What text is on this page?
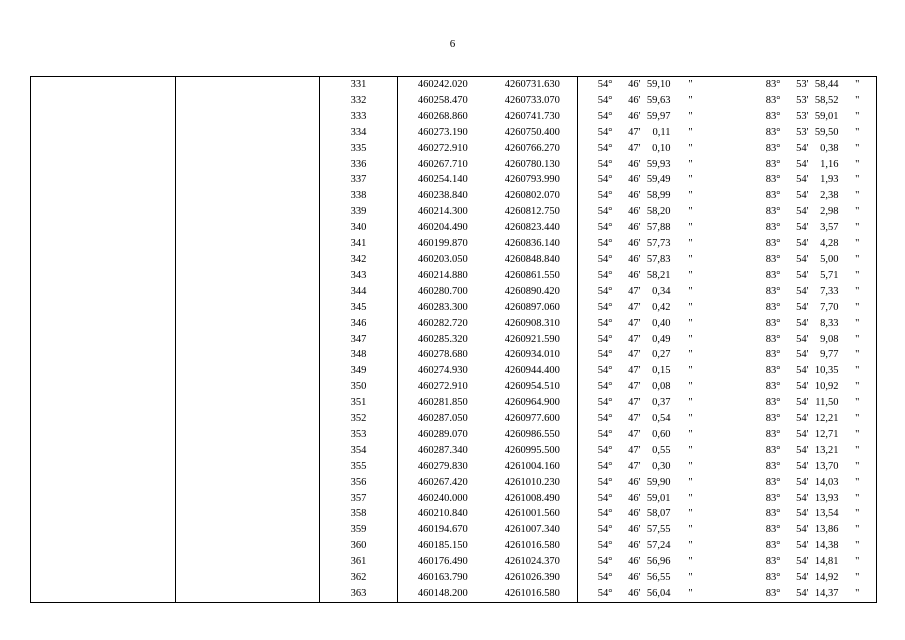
6
		331	460242.020	4260731.630	54°	46'	59,10	"	83°	53'	58,44	"
		332	460258.470	4260733.070	54°	46'	59,63	"	83°	53'	58,52	"
		333	460268.860	4260741.730	54°	46'	59,97	"	83°	53'	59,01	"
		334	460273.190	4260750.400	54°	47'	0,11	"	83°	53'	59,50	"
		335	460272.910	4260766.270	54°	47'	0,10	"	83°	54'	0,38	"
		336	460267.710	4260780.130	54°	46'	59,93	"	83°	54'	1,16	"
		337	460254.140	4260793.990	54°	46'	59,49	"	83°	54'	1,93	"
		338	460238.840	4260802.070	54°	46'	58,99	"	83°	54'	2,38	"
		339	460214.300	4260812.750	54°	46'	58,20	"	83°	54'	2,98	"
		340	460204.490	4260823.440	54°	46'	57,88	"	83°	54'	3,57	"
		341	460199.870	4260836.140	54°	46'	57,73	"	83°	54'	4,28	"
		342	460203.050	4260848.840	54°	46'	57,83	"	83°	54'	5,00	"
		343	460214.880	4260861.550	54°	46'	58,21	"	83°	54'	5,71	"
		344	460280.700	4260890.420	54°	47'	0,34	"	83°	54'	7,33	"
		345	460283.300	4260897.060	54°	47'	0,42	"	83°	54'	7,70	"
		346	460282.720	4260908.310	54°	47'	0,40	"	83°	54'	8,33	"
		347	460285.320	4260921.590	54°	47'	0,49	"	83°	54'	9,08	"
		348	460278.680	4260934.010	54°	47'	0,27	"	83°	54'	9,77	"
		349	460274.930	4260944.400	54°	47'	0,15	"	83°	54'	10,35	"
		350	460272.910	4260954.510	54°	47'	0,08	"	83°	54'	10,92	"
		351	460281.850	4260964.900	54°	47'	0,37	"	83°	54'	11,50	"
		352	460287.050	4260977.600	54°	47'	0,54	"	83°	54'	12,21	"
		353	460289.070	4260986.550	54°	47'	0,60	"	83°	54'	12,71	"
		354	460287.340	4260995.500	54°	47'	0,55	"	83°	54'	13,21	"
		355	460279.830	4261004.160	54°	47'	0,30	"	83°	54'	13,70	"
		356	460267.420	4261010.230	54°	46'	59,90	"	83°	54'	14,03	"
		357	460240.000	4261008.490	54°	46'	59,01	"	83°	54'	13,93	"
		358	460210.840	4261001.560	54°	46'	58,07	"	83°	54'	13,54	"
		359	460194.670	4261007.340	54°	46'	57,55	"	83°	54'	13,86	"
		360	460185.150	4261016.580	54°	46'	57,24	"	83°	54'	14,38	"
		361	460176.490	4261024.370	54°	46'	56,96	"	83°	54'	14,81	"
		362	460163.790	4261026.390	54°	46'	56,55	"	83°	54'	14,92	"
		363	460148.200	4261016.580	54°	46'	56,04	"	83°	54'	14,37	"
